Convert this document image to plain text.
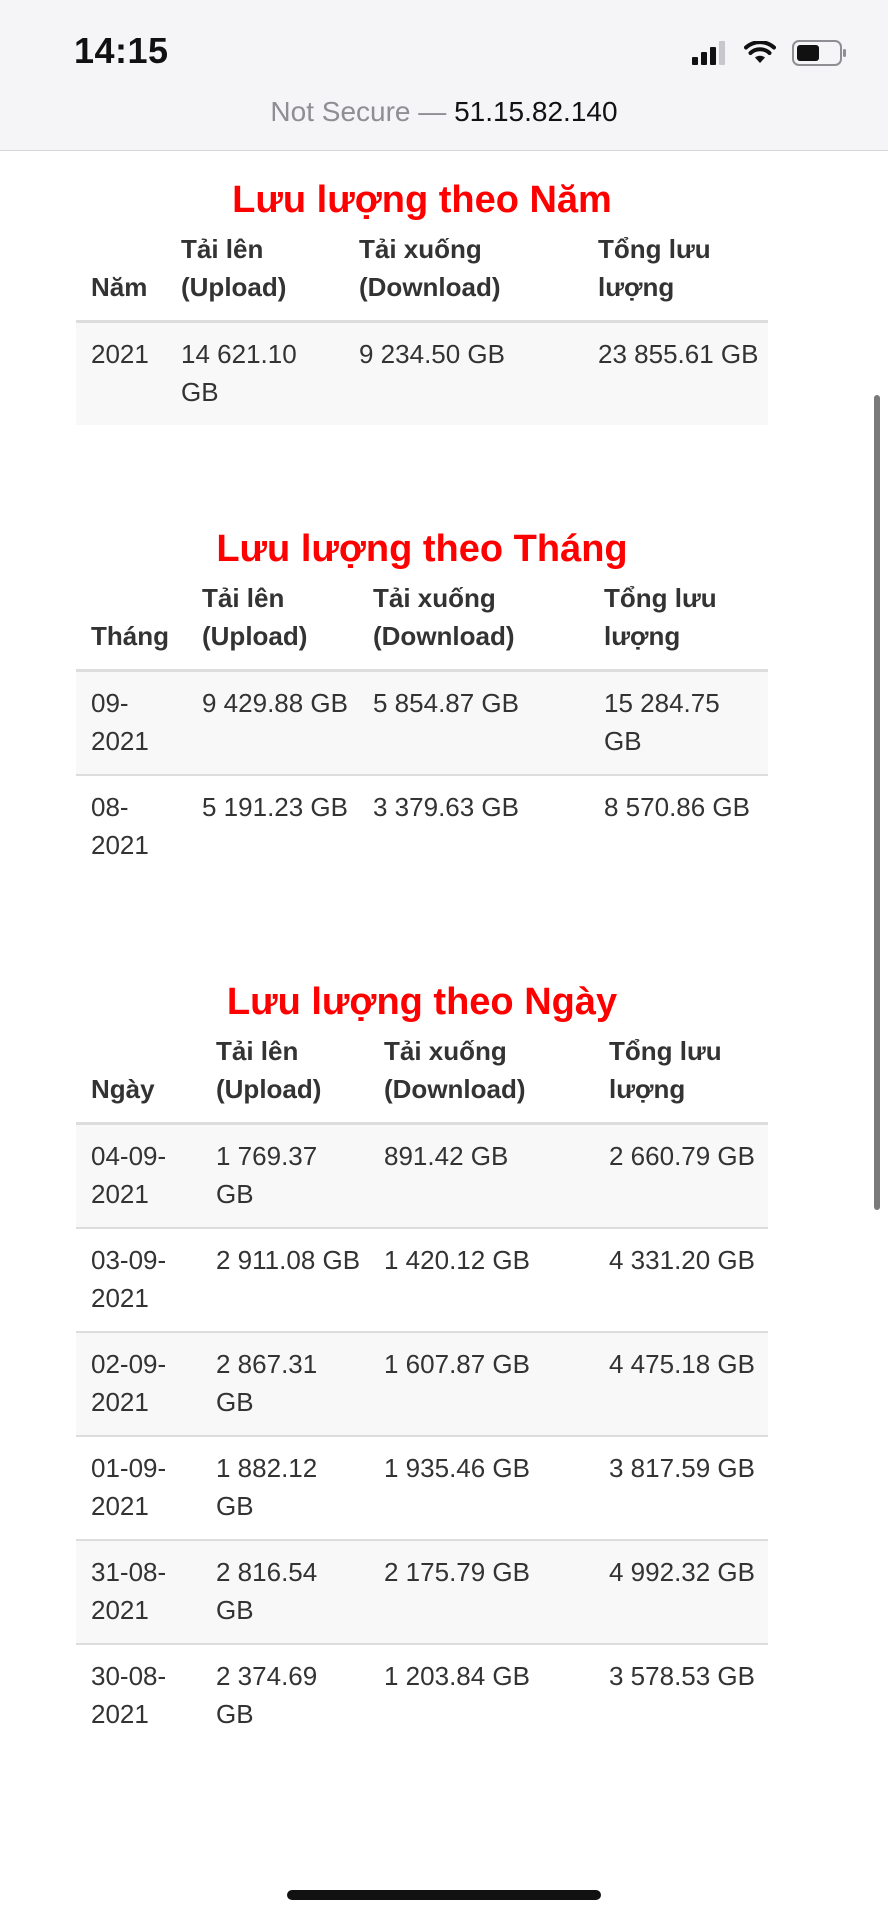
14:15
Not Secure — 51.15.82.140
Lưu lượng theo Năm
Năm	Tải lên (Upload)	Tải xuống (Download)	Tổng lưu lượng
2021	14 621.10 GB	9 234.50 GB	23 855.61 GB
Lưu lượng theo Tháng
Tháng	Tải lên (Upload)	Tải xuống (Download)	Tổng lưu lượng
09-2021	9 429.88 GB	5 854.87 GB	15 284.75 GB
08-2021	5 191.23 GB	3 379.63 GB	8 570.86 GB
Lưu lượng theo Ngày
Ngày	Tải lên (Upload)	Tải xuống (Download)	Tổng lưu lượng
04-09-2021	1 769.37 GB	891.42 GB	2 660.79 GB
03-09-2021	2 911.08 GB	1 420.12 GB	4 331.20 GB
02-09-2021	2 867.31 GB	1 607.87 GB	4 475.18 GB
01-09-2021	1 882.12 GB	1 935.46 GB	3 817.59 GB
31-08-2021	2 816.54 GB	2 175.79 GB	4 992.32 GB
30-08-2021	2 374.69 GB	1 203.84 GB	3 578.53 GB
